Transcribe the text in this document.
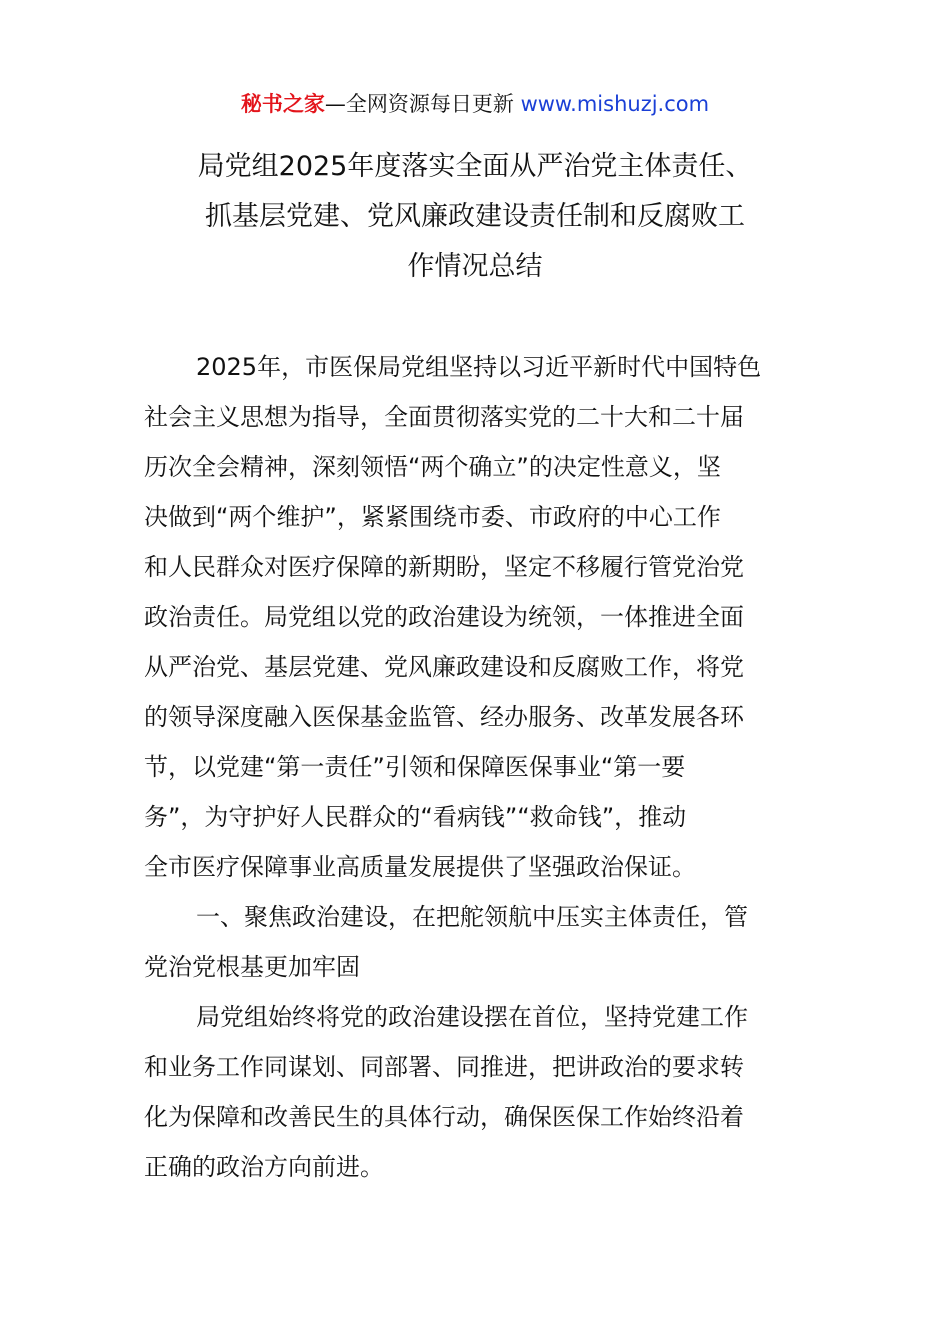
秘书之家—全网资源每日更新 www.mishuzj.com
局党组2025年度落实全面从严治党主体责任、
抓基层党建、党风廉政建设责任制和反腐败工
作情况总结
2025年，市医保局党组坚持以习近平新时代中国特色
社会主义思想为指导，全面贯彻落实党的二十大和二十届
历次全会精神，深刻领悟“两个确立”的决定性意义，坚
决做到“两个维护”，紧紧围绕市委、市政府的中心工作
和人民群众对医疗保障的新期盼，坚定不移履行管党治党
政治责任。局党组以党的政治建设为统领，一体推进全面
从严治党、基层党建、党风廉政建设和反腐败工作，将党
的领导深度融入医保基金监管、经办服务、改革发展各环
节，以党建“第一责任”引领和保障医保事业“第一要
务”，为守护好人民群众的“看病钱”“救命钱”，推动
全市医疗保障事业高质量发展提供了坚强政治保证。
一、聚焦政治建设，在把舵领航中压实主体责任，管
党治党根基更加牢固
局党组始终将党的政治建设摆在首位，坚持党建工作
和业务工作同谋划、同部署、同推进，把讲政治的要求转
化为保障和改善民生的具体行动，确保医保工作始终沿着
正确的政治方向前进。
